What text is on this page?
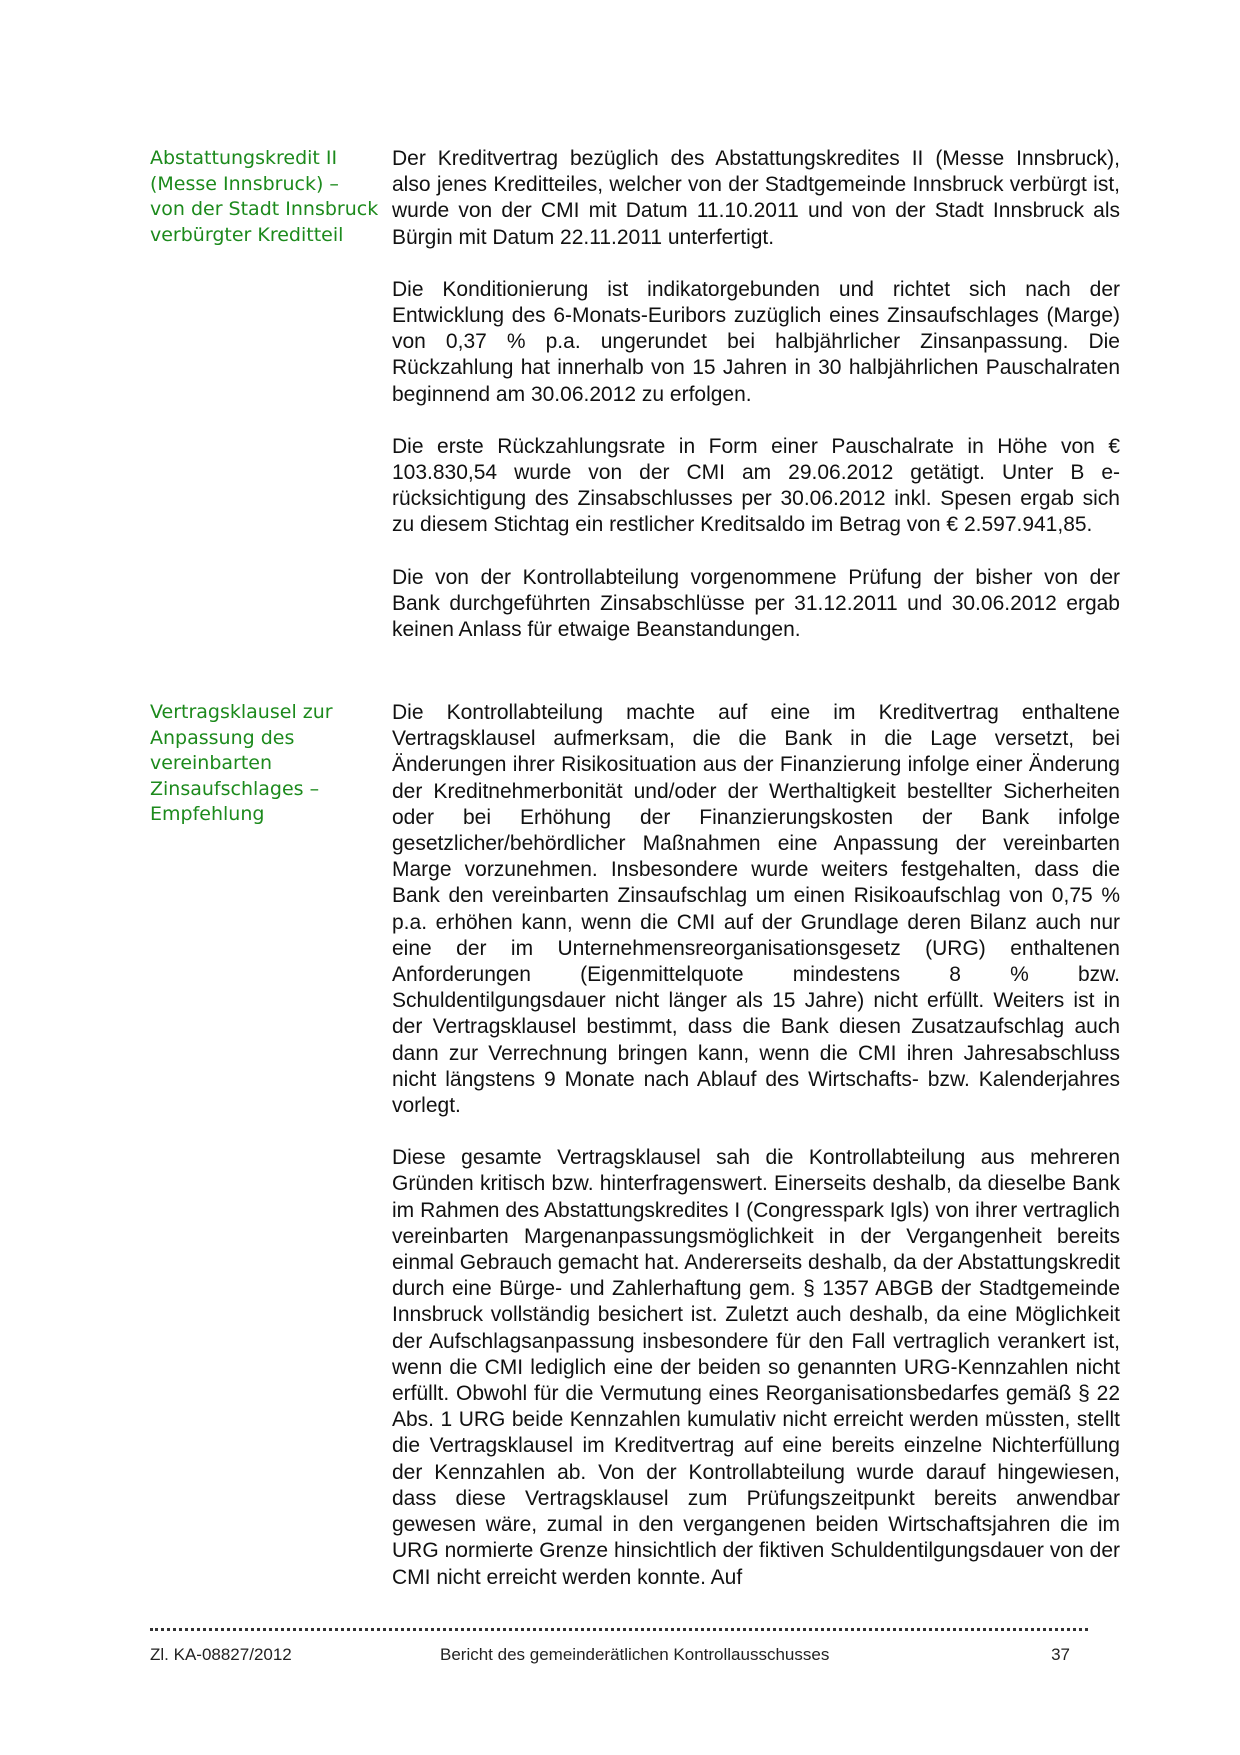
Abstattungskredit II
(Messe Innsbruck) –
von der Stadt Innsbruck
verbürgter Kreditteil

Der Kreditvertrag bezüglich des Abstattungskredites II (Messe Innsbruck), also jenes Kreditteiles, welcher von der Stadtgemeinde Innsbruck verbürgt ist, wurde von der CMI mit Datum 11.10.2011 und von der Stadt Innsbruck als Bürgin mit Datum 22.11.2011 unterfertigt.

Die Konditionierung ist indikatorgebunden und richtet sich nach der Entwicklung des 6-Monats-Euribors zuzüglich eines Zinsaufschlages (Marge) von 0,37 % p.a. ungerundet bei halbjährlicher Zinsanpassung. Die Rückzahlung hat innerhalb von 15 Jahren in 30 halbjährlichen Pauschalraten beginnend am 30.06.2012 zu erfolgen.

Die erste Rückzahlungsrate in Form einer Pauschalrate in Höhe von € 103.830,54 wurde von der CMI am 29.06.2012 getätigt. Unter B e- rücksichtigung des Zinsabschlusses per 30.06.2012 inkl. Spesen ergab sich zu diesem Stichtag ein restlicher Kreditsaldo im Betrag von € 2.597.941,85.

Die von der Kontrollabteilung vorgenommene Prüfung der bisher von der Bank durchgeführten Zinsabschlüsse per 31.12.2011 und 30.06.2012 ergab keinen Anlass für etwaige Beanstandungen.

Vertragsklausel zur
Anpassung des
vereinbarten
Zinsaufschlages –
Empfehlung

Die Kontrollabteilung machte auf eine im Kreditvertrag enthaltene Vertragsklausel aufmerksam, die die Bank in die Lage versetzt, bei Änderungen ihrer Risikosituation aus der Finanzierung infolge einer Änderung der Kreditnehmerbonität und/oder der Werthaltigkeit bestellter Sicherheiten oder bei Erhöhung der Finanzierungskosten der Bank infolge gesetzlicher/behördlicher Maßnahmen eine Anpassung der vereinbarten Marge vorzunehmen. Insbesondere wurde weiters festgehalten, dass die Bank den vereinbarten Zinsaufschlag um einen Risikoaufschlag von 0,75 % p.a. erhöhen kann, wenn die CMI auf der Grundlage deren Bilanz auch nur eine der im Unternehmensreorganisationsgesetz (URG) enthaltenen Anforderungen (Eigenmittelquote mindestens 8 % bzw. Schuldentilgungsdauer nicht länger als 15 Jahre) nicht erfüllt. Weiters ist in der Vertragsklausel bestimmt, dass die Bank diesen Zusatzaufschlag auch dann zur Verrechnung bringen kann, wenn die CMI ihren Jahresabschluss nicht längstens 9 Monate nach Ablauf des Wirtschafts- bzw. Kalenderjahres vorlegt.

Diese gesamte Vertragsklausel sah die Kontrollabteilung aus mehreren Gründen kritisch bzw. hinterfragenswert. Einerseits deshalb, da dieselbe Bank im Rahmen des Abstattungskredites I (Congresspark Igls) von ihrer vertraglich vereinbarten Margenanpassungsmöglichkeit in der Vergangenheit bereits einmal Gebrauch gemacht hat. Andererseits deshalb, da der Abstattungskredit durch eine Bürge- und Zahlerhaftung gem. § 1357 ABGB der Stadtgemeinde Innsbruck vollständig besichert ist. Zuletzt auch deshalb, da eine Möglichkeit der Aufschlagsanpassung insbesondere für den Fall vertraglich verankert ist, wenn die CMI lediglich eine der beiden so genannten URG-Kennzahlen nicht erfüllt. Obwohl für die Vermutung eines Reorganisationsbedarfes gemäß § 22 Abs. 1 URG beide Kennzahlen kumulativ nicht erreicht werden müssten, stellt die Vertragsklausel im Kreditvertrag auf eine bereits einzelne Nichterfüllung der Kennzahlen ab. Von der Kontrollabteilung wurde darauf hingewiesen, dass diese Vertragsklausel zum Prüfungszeitpunkt bereits anwendbar gewesen wäre, zumal in den vergangenen beiden Wirtschaftsjahren die im URG normierte Grenze hinsichtlich der fiktiven Schuldentilgungsdauer von der CMI nicht erreicht werden konnte. Auf

Zl. KA-08827/2012	Bericht des gemeinderätlichen Kontrollausschusses	37
